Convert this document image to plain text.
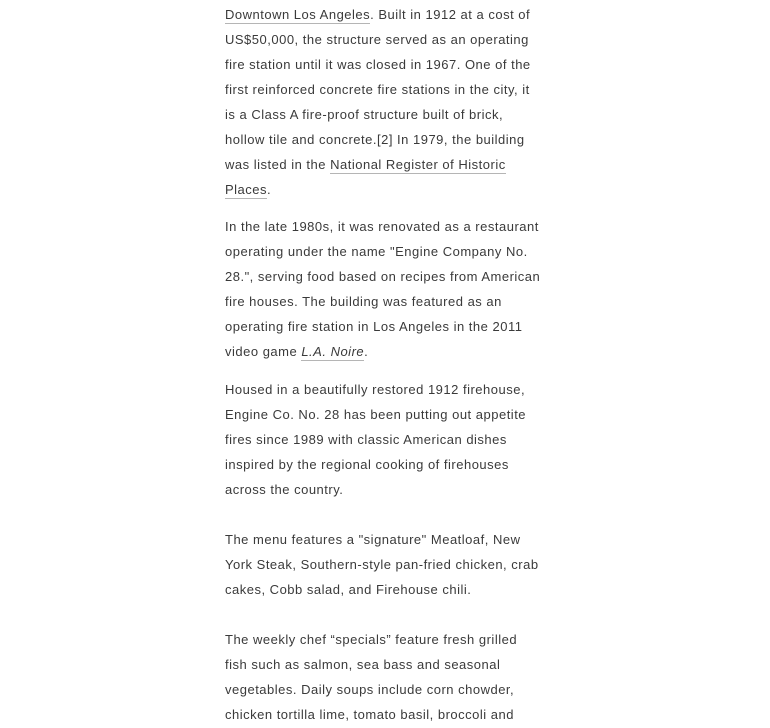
Downtown Los Angeles. Built in 1912 at a cost of US$50,000, the structure served as an operating fire station until it was closed in 1967. One of the first reinforced concrete fire stations in the city, it is a Class A fire-proof structure built of brick, hollow tile and concrete.[2] In 1979, the building was listed in the National Register of Historic Places.

In the late 1980s, it was renovated as a restaurant operating under the name "Engine Company No. 28.", serving food based on recipes from American fire houses. The building was featured as an operating fire station in Los Angeles in the 2011 video game L.A. Noire.

Housed in a beautifully restored 1912 firehouse, Engine Co. No. 28 has been putting out appetite fires since 1989 with classic American dishes inspired by the regional cooking of firehouses across the country.

The menu features a "signature" Meatloaf, New York Steak, Southern-style pan-fried chicken, crab cakes, Cobb salad, and Firehouse chili.

The weekly chef “specials” feature fresh grilled fish such as salmon, sea bass and seasonal vegetables. Daily soups include corn chowder, chicken tortilla lime, tomato basil, broccoli and
